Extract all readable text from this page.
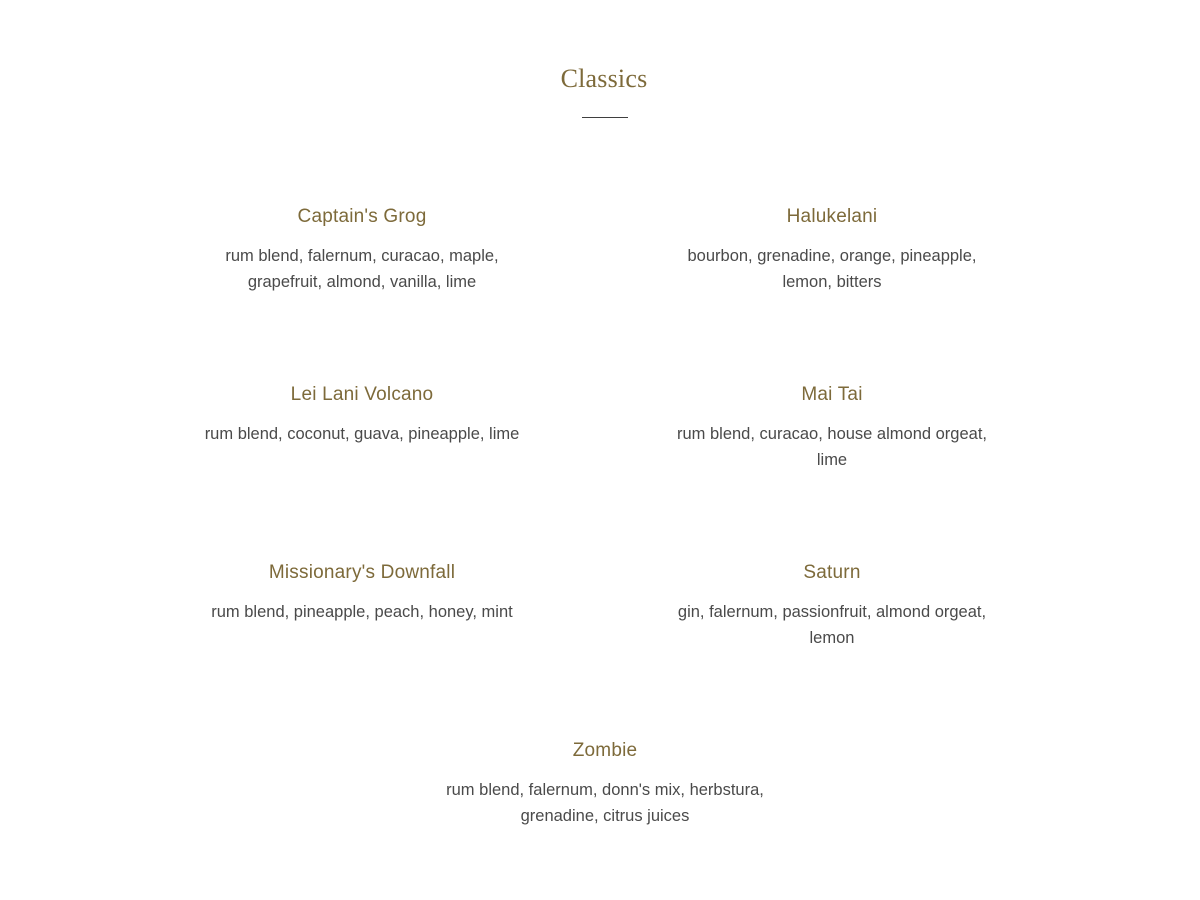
Classics
Captain's Grog

rum blend, falernum, curacao, maple, grapefruit, almond, vanilla, lime

Halukelani

bourbon, grenadine, orange, pineapple, lemon, bitters

Lei Lani Volcano

rum blend, coconut, guava, pineapple, lime

Mai Tai

rum blend, curacao, house almond orgeat, lime

Missionary's Downfall

rum blend, pineapple, peach, honey, mint

Saturn

gin, falernum, passionfruit, almond orgeat, lemon

Zombie

rum blend, falernum, donn's mix, herbstura, grenadine, citrus juices
